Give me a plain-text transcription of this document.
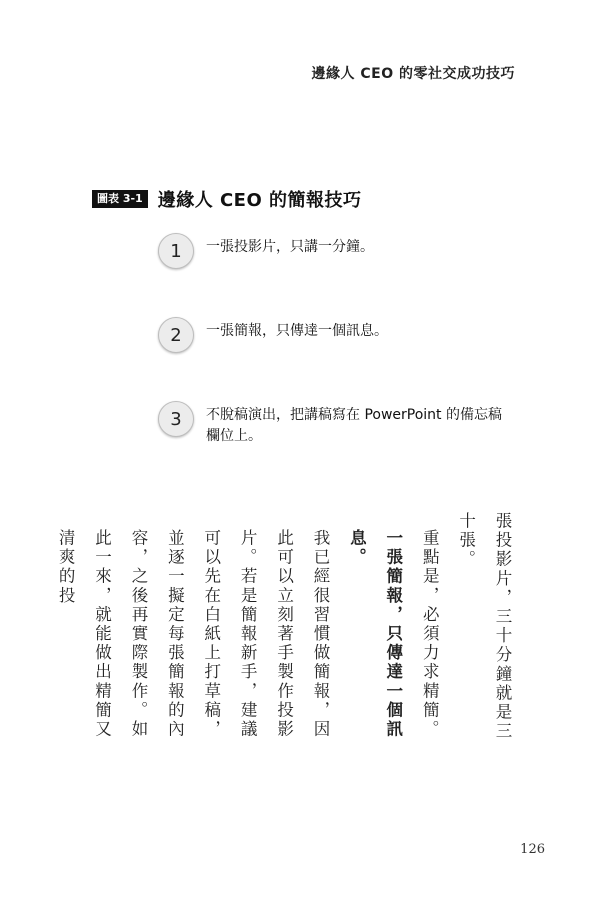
邊緣人 CEO 的零社交成功技巧
圖表 3-1 邊緣人 CEO 的簡報技巧
1	一張投影片，只講一分鐘。
2	一張簡報，只傳達一個訊息。
3	不脫稿演出，把講稿寫在 PowerPoint 的備忘稿欄位上。

張投影片，三十分鐘就是三十張。

重點是，必須力求精簡。一張簡報，只傳達一個訊息。

我已經很習慣做簡報，因此可以立刻著手製作投影片。若是簡報新手，建議可以先在白紙上打草稿，並逐一擬定每張簡報的內容，之後再實際製作。如此一來，就能做出精簡又清爽的投

126
